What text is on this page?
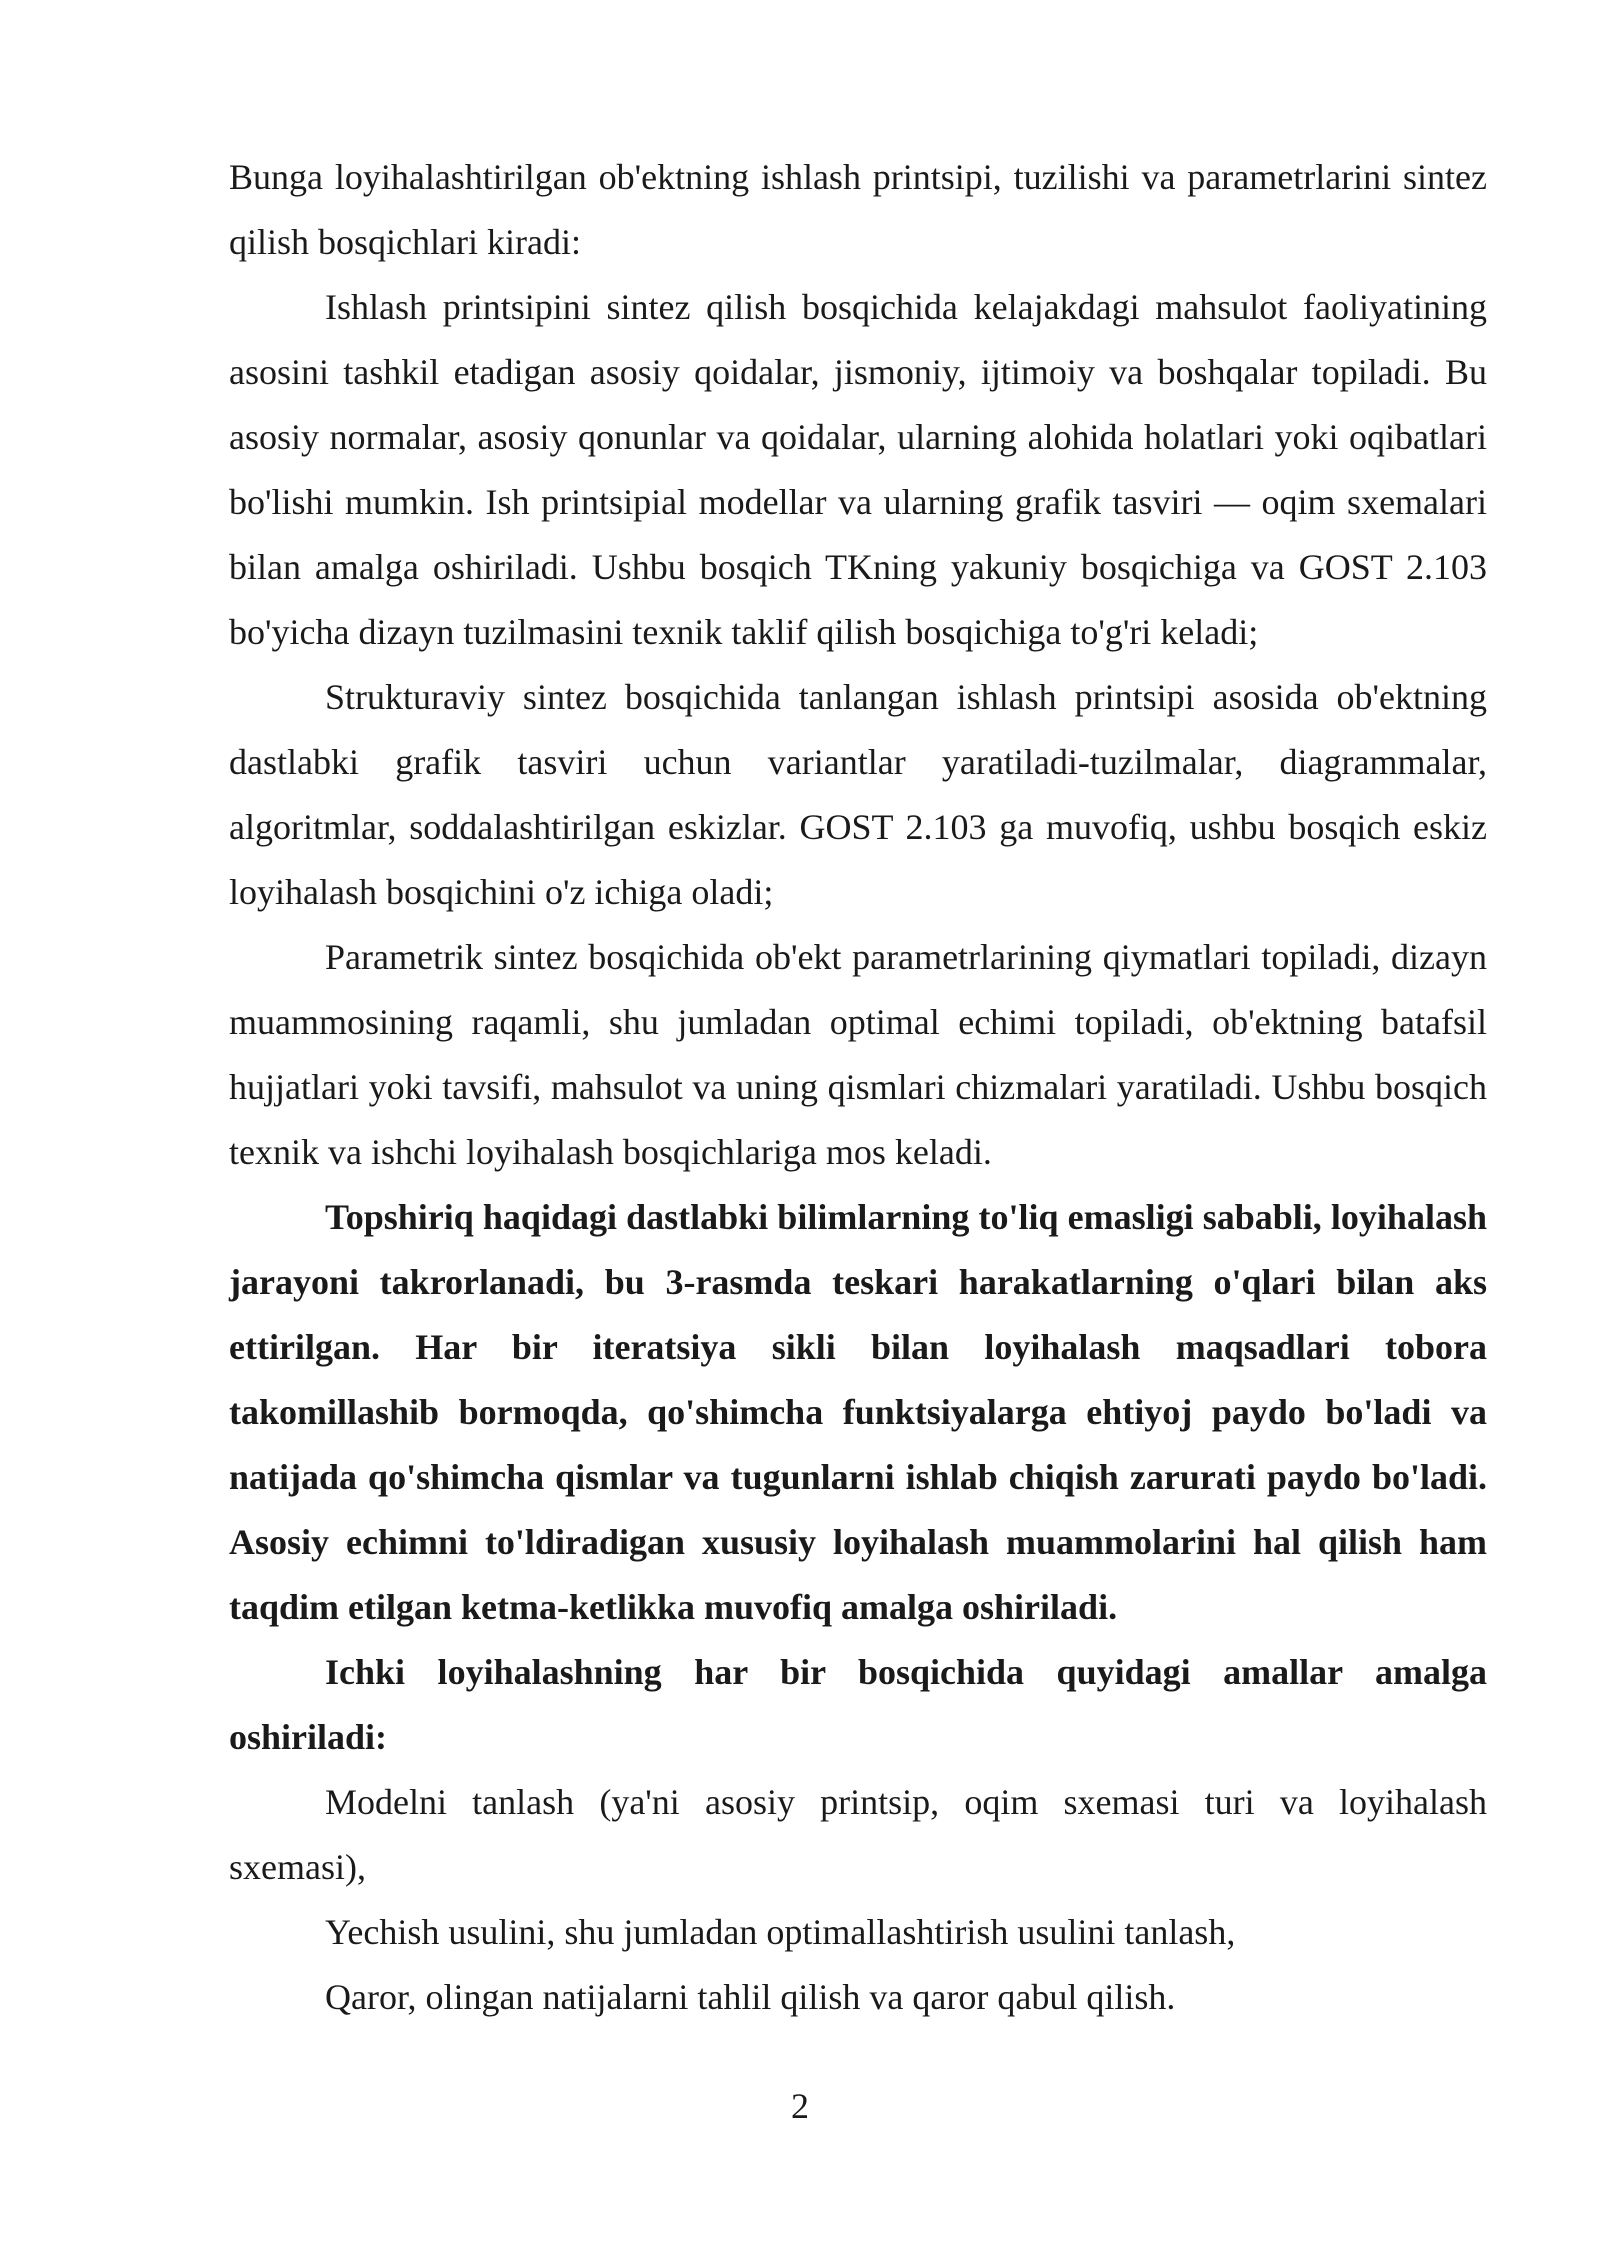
Bunga loyihalashtirilgan ob'ektning ishlash printsipi, tuzilishi va parametrlarini sintez qilish bosqichlari kiradi:

Ishlash printsipini sintez qilish bosqichida kelajakdagi mahsulot faoliyatining asosini tashkil etadigan asosiy qoidalar, jismoniy, ijtimoiy va boshqalar topiladi. Bu asosiy normalar, asosiy qonunlar va qoidalar, ularning alohida holatlari yoki oqibatlari bo'lishi mumkin. Ish printsipial modellar va ularning grafik tasviri — oqim sxemalari bilan amalga oshiriladi. Ushbu bosqich TKning yakuniy bosqichiga va GOST 2.103 bo'yicha dizayn tuzilmasini texnik taklif qilish bosqichiga to'g'ri keladi;

Strukturaviy sintez bosqichida tanlangan ishlash printsipi asosida ob'ektning dastlabki grafik tasviri uchun variantlar yaratiladi-tuzilmalar, diagrammalar, algoritmlar, soddalashtirilgan eskizlar. GOST 2.103 ga muvofiq, ushbu bosqich eskiz loyihalash bosqichini o'z ichiga oladi;

Parametrik sintez bosqichida ob'ekt parametrlarining qiymatlari topiladi, dizayn muammosining raqamli, shu jumladan optimal echimi topiladi, ob'ektning batafsil hujjatlari yoki tavsifi, mahsulot va uning qismlari chizmalari yaratiladi. Ushbu bosqich texnik va ishchi loyihalash bosqichlariga mos keladi.

Topshiriq haqidagi dastlabki bilimlarning to'liq emasligi sababli, loyihalash jarayoni takrorlanadi, bu 3-rasmda teskari harakatlarning o'qlari bilan aks ettirilgan. Har bir iteratsiya sikli bilan loyihalash maqsadlari tobora takomillashib bormoqda, qo'shimcha funktsiyalarga ehtiyoj paydo bo'ladi va natijada qo'shimcha qismlar va tugunlarni ishlab chiqish zarurati paydo bo'ladi. Asosiy echimni to'ldiradigan xususiy loyihalash muammolarini hal qilish ham taqdim etilgan ketma-ketlikka muvofiq amalga oshiriladi.

Ichki loyihalashning har bir bosqichida quyidagi amallar amalga oshiriladi:

Modelni tanlash (ya'ni asosiy printsip, oqim sxemasi turi va loyihalash sxemasi),

Yechish usulini, shu jumladan optimallashtirish usulini tanlash,

Qaror, olingan natijalarni tahlil qilish va qaror qabul qilish.

2
